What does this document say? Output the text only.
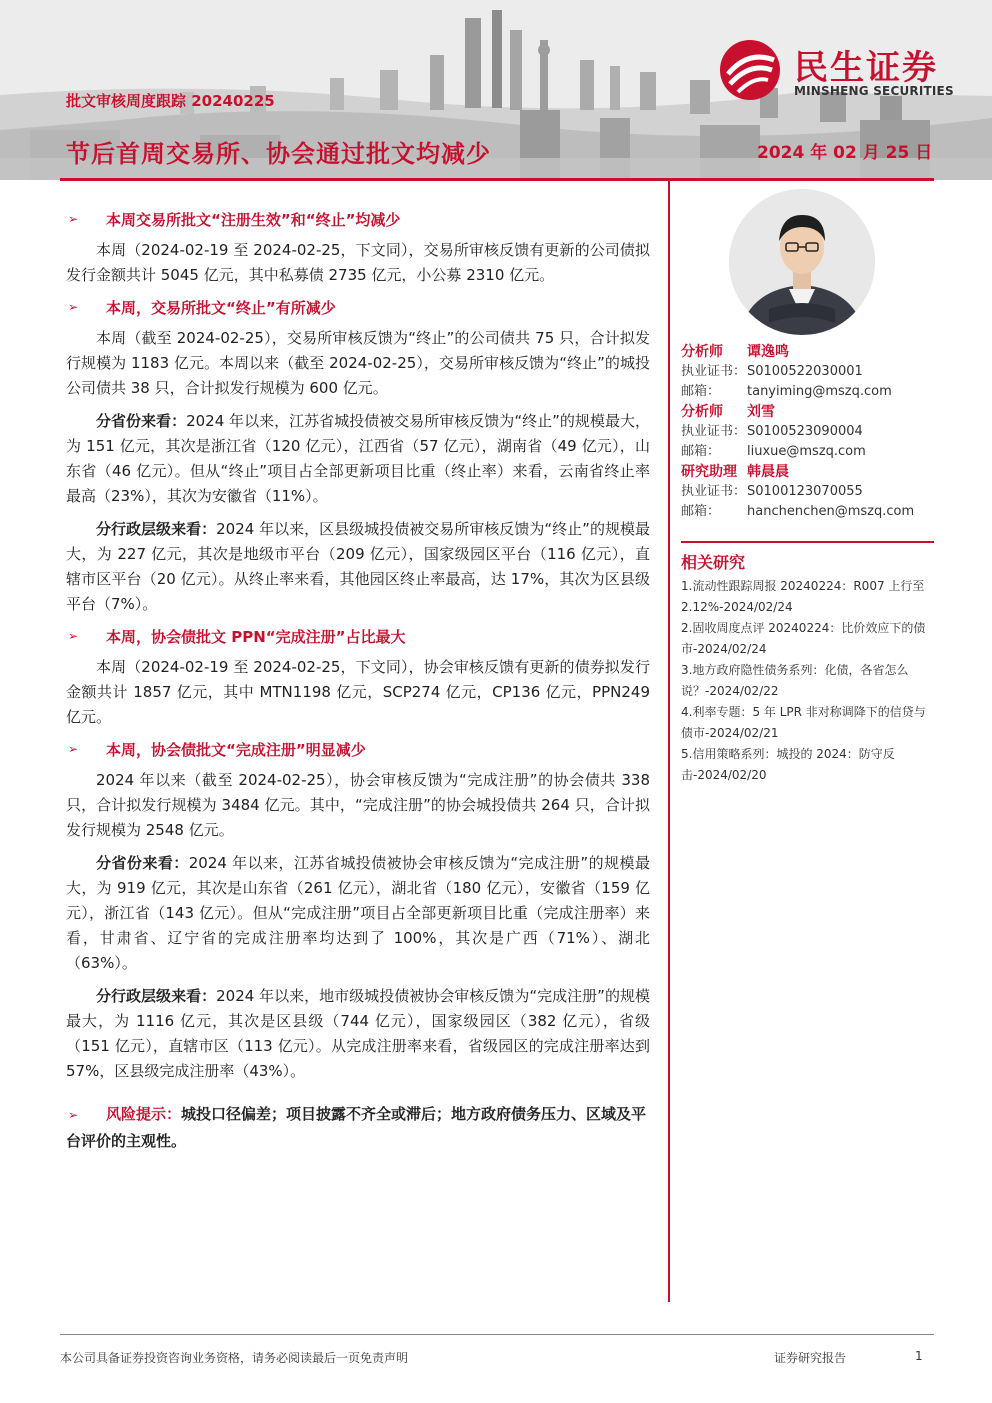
民生证券
MINSHENG SECURITIES
批文审核周度跟踪 20240225
节后首周交易所、协会通过批文均减少	2024 年 02 月 25 日
➢	本周交易所批文“注册生效”和“终止”均减少

本周（2024-02-19 至 2024-02-25，下文同），交易所审核反馈有更新的公司债拟发行金额共计 5045 亿元，其中私募债 2735 亿元，小公募 2310 亿元。

➢	本周，交易所批文“终止”有所减少

本周（截至 2024-02-25），交易所审核反馈为“终止”的公司债共 75 只，合计拟发行规模为 1183 亿元。本周以来（截至 2024-02-25），交易所审核反馈为“终止”的城投公司债共 38 只，合计拟发行规模为 600 亿元。

分省份来看：2024 年以来，江苏省城投债被交易所审核反馈为“终止”的规模最大，为 151 亿元，其次是浙江省（120 亿元），江西省（57 亿元），湖南省（49 亿元），山东省（46 亿元）。但从“终止”项目占全部更新项目比重（终止率）来看，云南省终止率最高（23%），其次为安徽省（11%）。

分行政层级来看：2024 年以来，区县级城投债被交易所审核反馈为“终止”的规模最大，为 227 亿元，其次是地级市平台（209 亿元），国家级园区平台（116 亿元），直辖市区平台（20 亿元）。从终止率来看，其他园区终止率最高，达 17%，其次为区县级平台（7%）。

➢	本周，协会债批文 PPN“完成注册”占比最大

本周（2024-02-19 至 2024-02-25，下文同），协会审核反馈有更新的债券拟发行金额共计 1857 亿元，其中 MTN1198 亿元，SCP274 亿元，CP136 亿元，PPN249 亿元。

➢	本周，协会债批文“完成注册”明显减少

2024 年以来（截至 2024-02-25），协会审核反馈为“完成注册”的协会债共 338 只，合计拟发行规模为 3484 亿元。其中，“完成注册”的协会城投债共 264 只，合计拟发行规模为 2548 亿元。

分省份来看：2024 年以来，江苏省城投债被协会审核反馈为“完成注册”的规模最大，为 919 亿元，其次是山东省（261 亿元），湖北省（180 亿元），安徽省（159 亿元），浙江省（143 亿元）。但从“完成注册”项目占全部更新项目比重（完成注册率）来看，甘肃省、辽宁省的完成注册率均达到了 100%，其次是广西（71%）、湖北（63%）。

分行政层级来看：2024 年以来，地市级城投债被协会审核反馈为“完成注册”的规模最大，为 1116 亿元，其次是区县级（744 亿元），国家级园区（382 亿元），省级（151 亿元），直辖市区（113 亿元）。从完成注册率来看，省级园区的完成注册率达到 57%，区县级完成注册率（43%）。

➢ 风险提示：城投口径偏差；项目披露不齐全或滞后；地方政府债务压力、区域及平台评价的主观性。
分析师	谭逸鸣
执业证书： S0100522030001
邮箱：	tanyiming@mszq.com
分析师	刘雪
执业证书： S0100523090004
邮箱：	liuxue@mszq.com
研究助理 韩晨晨
执业证书： S0100123070055
邮箱：	hanchenchen@mszq.com
相关研究
1.流动性跟踪周报 20240224：R007 上行至 2.12%-2024/02/24
2.固收周度点评 20240224：比价效应下的债市-2024/02/24
3.地方政府隐性债务系列：化债，各省怎么说？-2024/02/22
4.利率专题：5 年 LPR 非对称调降下的信贷与债市-2024/02/21
5.信用策略系列：城投的 2024：防守反击-2024/02/20
本公司具备证券投资咨询业务资格，请务必阅读最后一页免责声明	证券研究报告	1
